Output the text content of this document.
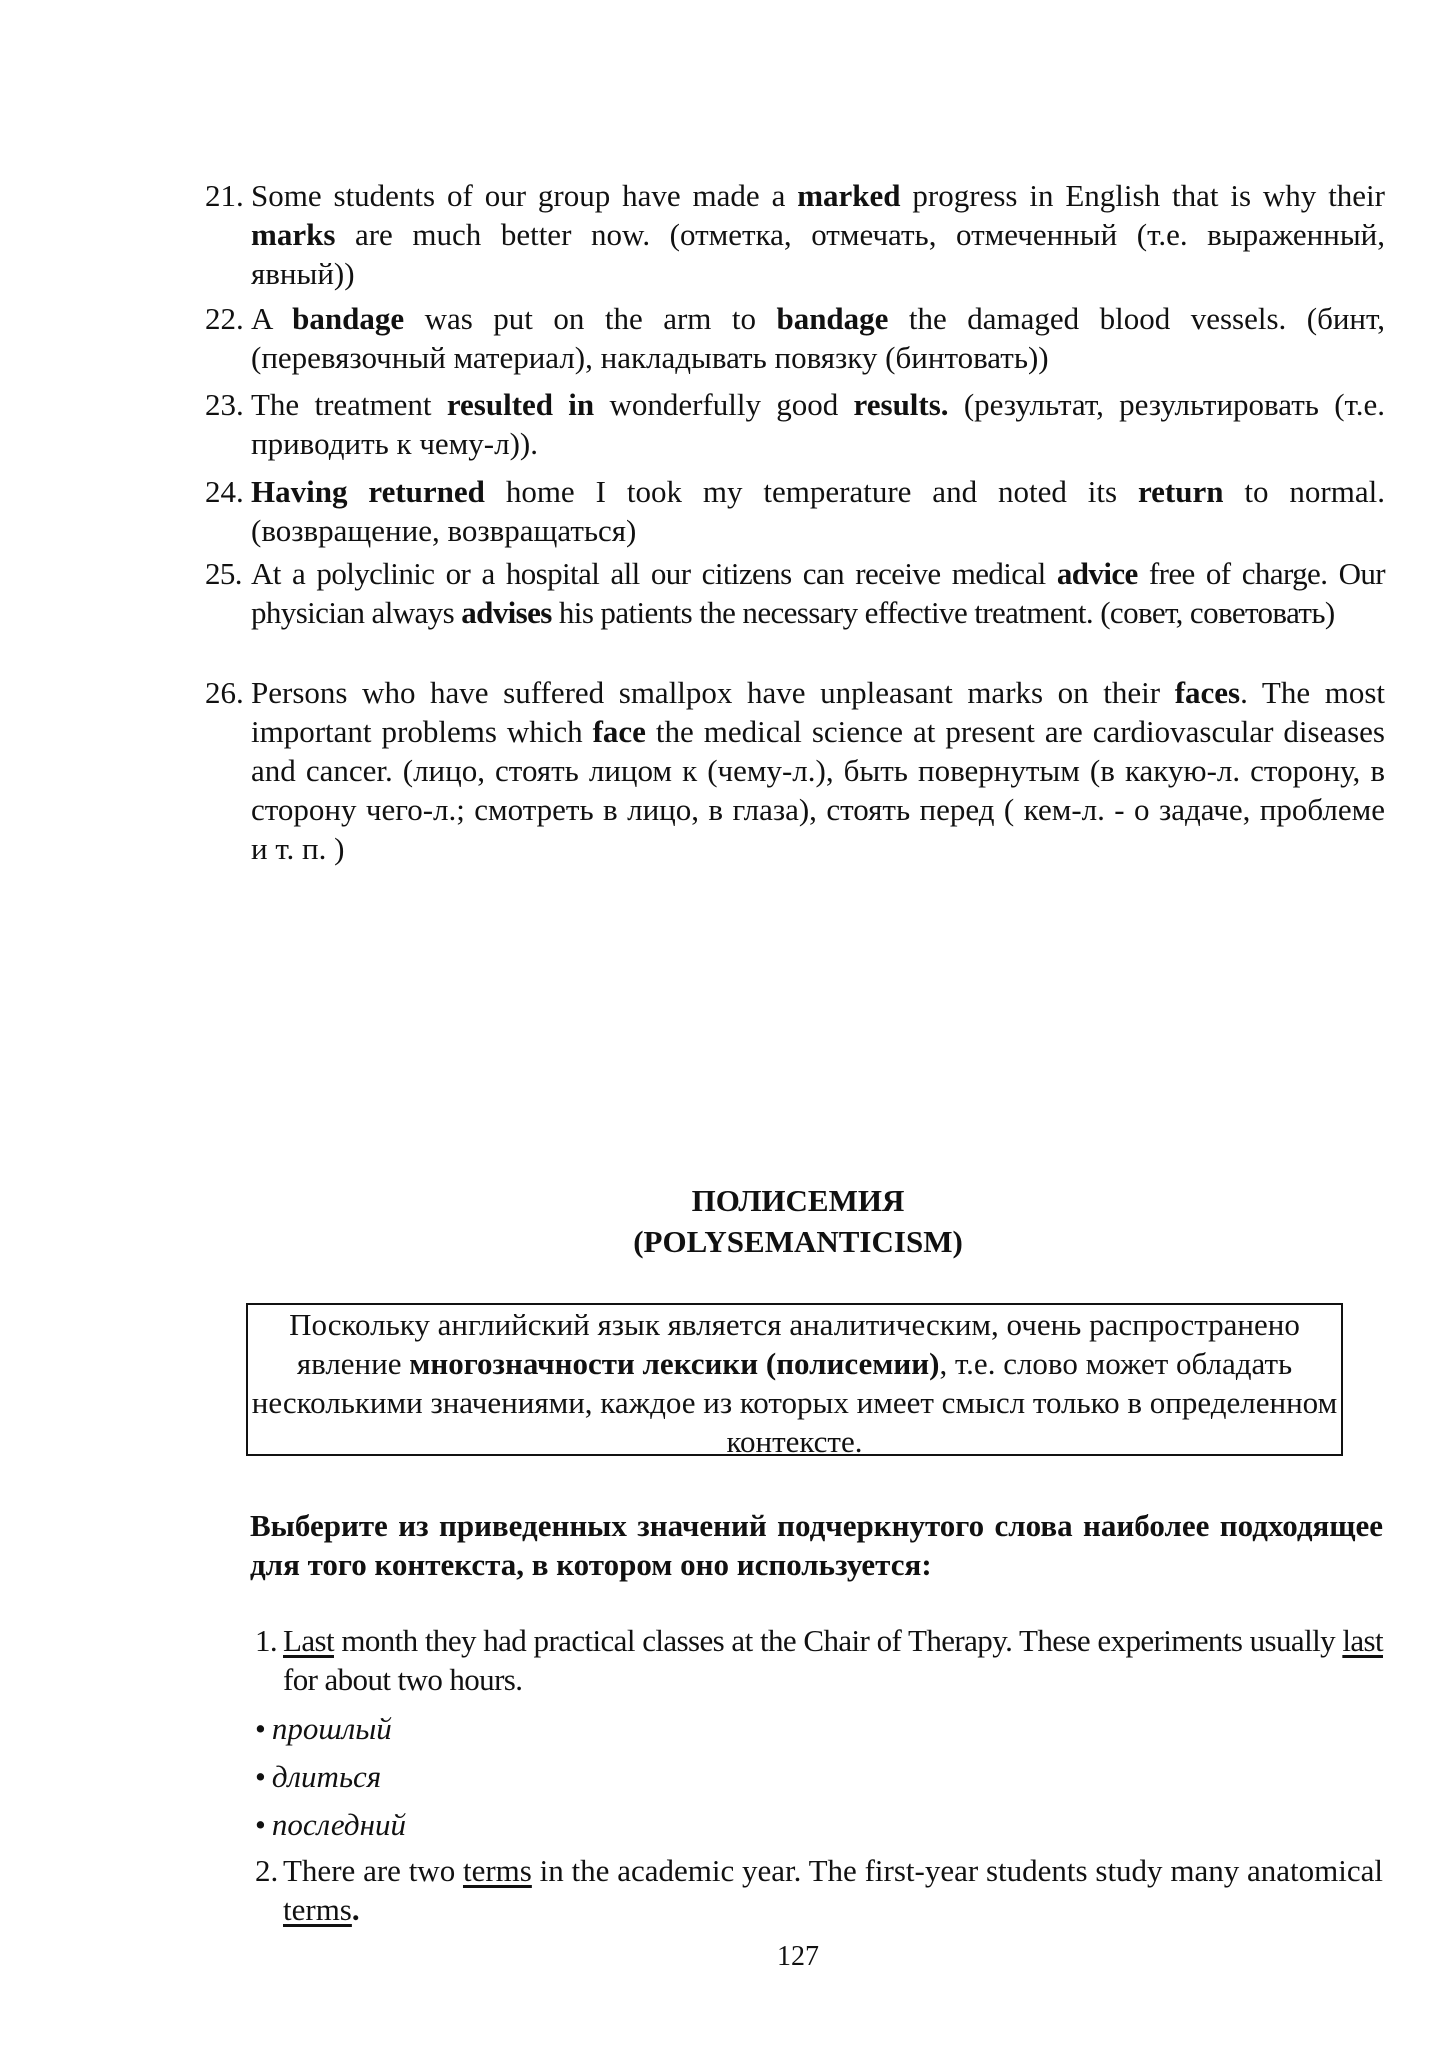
21. Some students of our group have made a marked progress in English that is why their marks are much better now. (отметка, отмечать, отмеченный (т.е. выраженный, явный))
22. A bandage was put on the arm to bandage the damaged blood vessels. (бинт, (перевязочный материал), накладывать повязку (бинтовать))
23. The treatment resulted in wonderfully good results. (результат, результировать (т.е. приводить к чему-л)).
24. Having returned home I took my temperature and noted its return to normal. (возвращение, возвращаться)
25. At a polyclinic or a hospital all our citizens can receive medical advice free of charge. Our physician always advises his patients the necessary effective treatment. (совет, советовать)
26. Persons who have suffered smallpox have unpleasant marks on their faces. The most important problems which face the medical science at present are cardiovascular diseases and cancer. (лицо, стоять лицом к (чему-л.), быть повернутым (в какую-л. сторону, в сторону чего-л.; смотреть в лицо, в глаза), стоять перед ( кем-л. - о задаче, проблеме и т. п. )
ПОЛИСЕМИЯ
(POLYSEMANTICISM)
Поскольку английский язык является аналитическим, очень распространено явление многозначности лексики (полисемии), т.е. слово может обладать несколькими значениями, каждое из которых имеет смысл только в определенном контексте.
Выберите из приведенных значений подчеркнутого слова наиболее подходящее для того контекста, в котором оно используется:
1. Last month they had practical classes at the Chair of Therapy. These experiments usually last for about two hours.
• прошлый
• длиться
• последний
2. There are two terms in the academic year. The first-year students study many anatomical terms.
127
